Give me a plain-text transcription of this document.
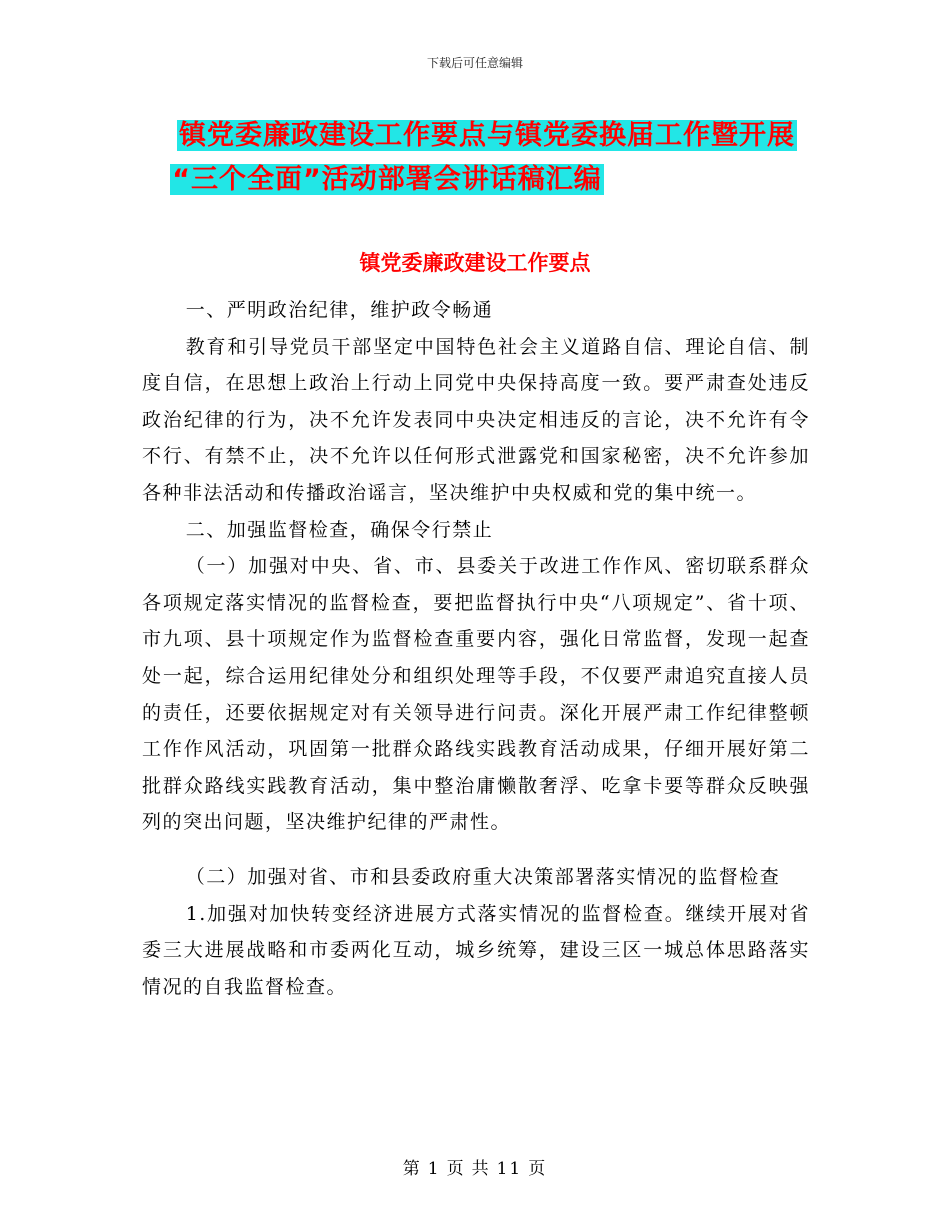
下载后可任意编辑
镇党委廉政建设工作要点与镇党委换届工作暨开展
“三个全面”活动部署会讲话稿汇编
镇党委廉政建设工作要点

一、严明政治纪律，维护政令畅通

教育和引导党员干部坚定中国特色社会主义道路自信、理论自信、制度自信，在思想上政治上行动上同党中央保持高度一致。要严肃查处违反政治纪律的行为，决不允许发表同中央决定相违反的言论，决不允许有令不行、有禁不止，决不允许以任何形式泄露党和国家秘密，决不允许参加各种非法活动和传播政治谣言，坚决维护中央权威和党的集中统一。

二、加强监督检查，确保令行禁止

（一）加强对中央、省、市、县委关于改进工作作风、密切联系群众各项规定落实情况的监督检查，要把监督执行中央“八项规定”、省十项、市九项、县十项规定作为监督检查重要内容，强化日常监督，发现一起查处一起，综合运用纪律处分和组织处理等手段，不仅要严肃追究直接人员的责任，还要依据规定对有关领导进行问责。深化开展严肃工作纪律整顿工作作风活动，巩固第一批群众路线实践教育活动成果，仔细开展好第二批群众路线实践教育活动，集中整治庸懒散奢浮、吃拿卡要等群众反映强列的突出问题，坚决维护纪律的严肃性。

（二）加强对省、市和县委政府重大决策部署落实情况的监督检查

1.加强对加快转变经济进展方式落实情况的监督检查。继续开展对省委三大进展战略和市委两化互动，城乡统筹，建设三区一城总体思路落实情况的自我监督检查。

第 1 页 共 11 页
